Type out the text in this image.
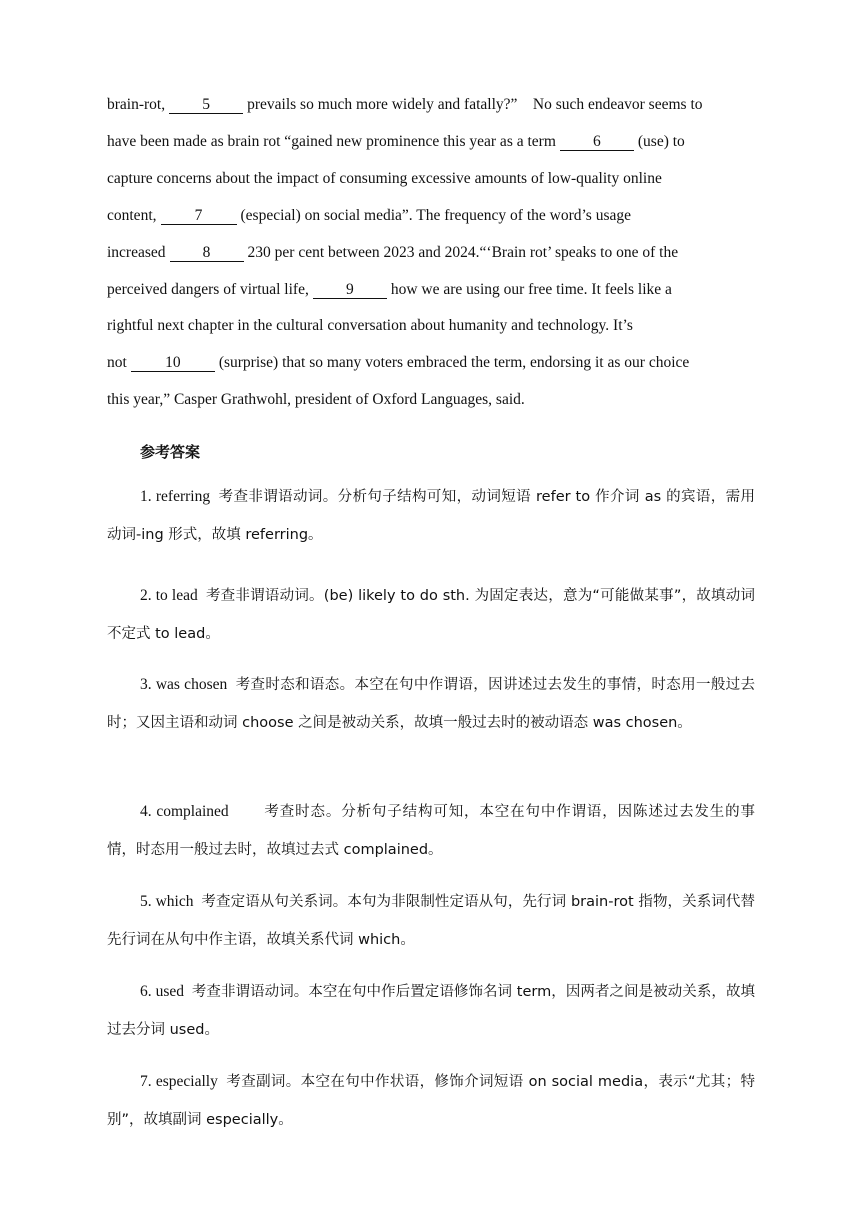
brain-rot, 5 prevails so much more widely and fatally?” No such endeavor seems to
have been made as brain rot “gained new prominence this year as a term 6 (use) to
capture concerns about the impact of consuming excessive amounts of low-quality online
content, 7 (especial) on social media”. The frequency of the word’s usage
increased 8 230 per cent between 2023 and 2024.“‘Brain rot’ speaks to one of the
perceived dangers of virtual life, 9 how we are using our free time. It feels like a
rightful next chapter in the cultural conversation about humanity and technology. It’s
not 10 (surprise) that so many voters embraced the term, endorsing it as our choice
this year,” Casper Grathwohl, president of Oxford Languages, said.
参考答案
1. referring 考查非谓语动词。分析句子结构可知，动词短语 refer to 作介词 as 的宾语，需用动词-ing 形式，故填 referring。
2. to lead 考查非谓语动词。(be) likely to do sth. 为固定表达，意为“可能做某事”，故填动词不定式 to lead。
3. was chosen 考查时态和语态。本空在句中作谓语，因讲述过去发生的事情，时态用一般过去时；又因主语和动词 choose 之间是被动关系，故填一般过去时的被动语态 was chosen。
4. complained   考查时态。分析句子结构可知，本空在句中作谓语，因陈述过去发生的事情，时态用一般过去时，故填过去式 complained。
5. which 考查定语从句关系词。本句为非限制性定语从句，先行词 brain-rot 指物，关系词代替先行词在从句中作主语，故填关系代词 which。
6. used 考查非谓语动词。本空在句中作后置定语修饰名词 term，因两者之间是被动关系，故填过去分词 used。
7. especially 考查副词。本空在句中作状语，修饰介词短语 on social media，表示“尤其；特别”，故填副词 especially。
